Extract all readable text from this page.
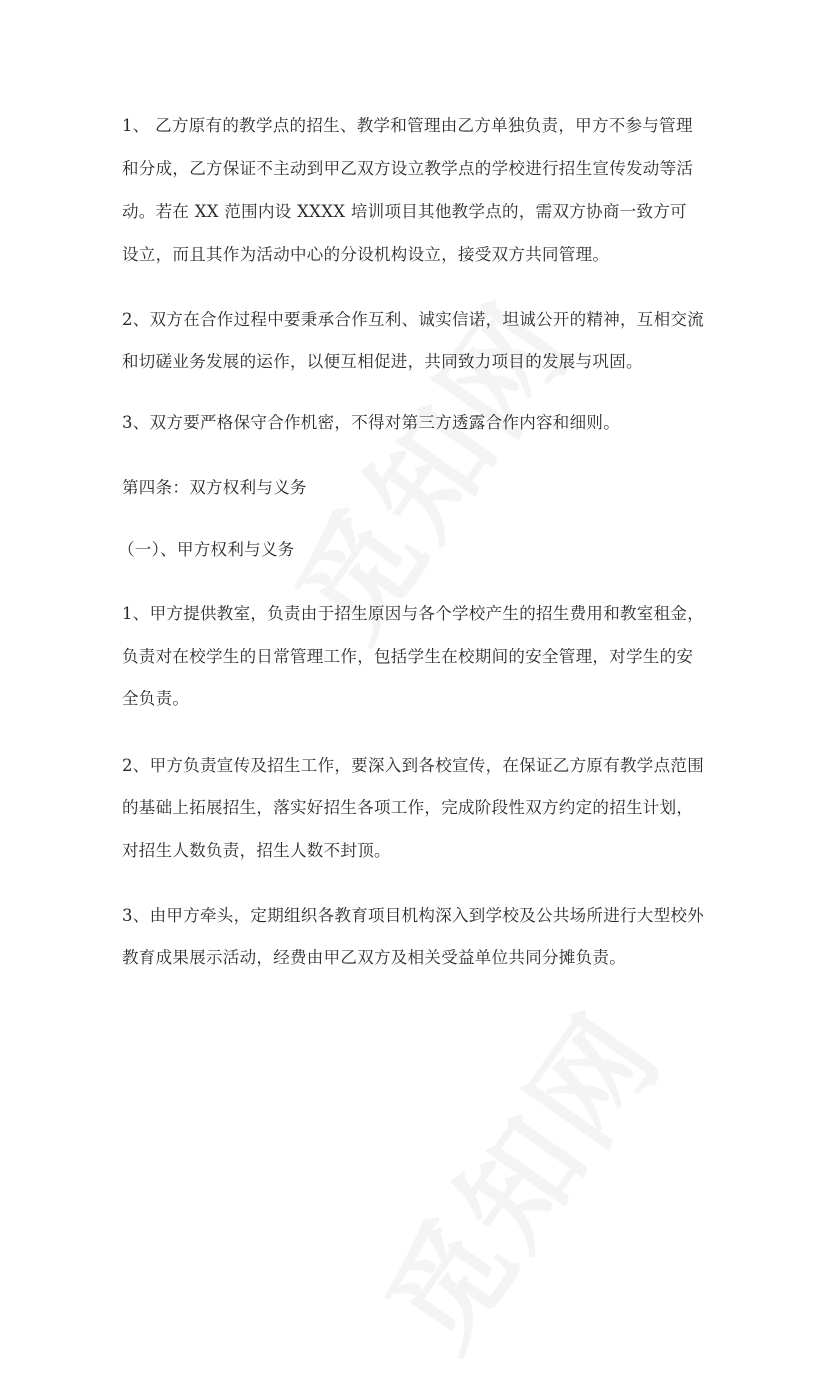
1、 乙方原有的教学点的招生、教学和管理由乙方单独负责，甲方不参与管理
和分成，乙方保证不主动到甲乙双方设立教学点的学校进行招生宣传发动等活
动。若在 XX 范围内设 XXXX 培训项目其他教学点的，需双方协商一致方可
设立，而且其作为活动中心的分设机构设立，接受双方共同管理。
2、双方在合作过程中要秉承合作互利、诚实信诺，坦诚公开的精神，互相交流
和切磋业务发展的运作，以便互相促进，共同致力项目的发展与巩固。
3、双方要严格保守合作机密，不得对第三方透露合作内容和细则。
第四条：双方权利与义务
（一）、甲方权利与义务
1、甲方提供教室，负责由于招生原因与各个学校产生的招生费用和教室租金，
负责对在校学生的日常管理工作，包括学生在校期间的安全管理，对学生的安
全负责。
2、甲方负责宣传及招生工作，要深入到各校宣传，在保证乙方原有教学点范围
的基础上拓展招生，落实好招生各项工作，完成阶段性双方约定的招生计划，
对招生人数负责，招生人数不封顶。
3、由甲方牵头，定期组织各教育项目机构深入到学校及公共场所进行大型校外
教育成果展示活动，经费由甲乙双方及相关受益单位共同分摊负责。
